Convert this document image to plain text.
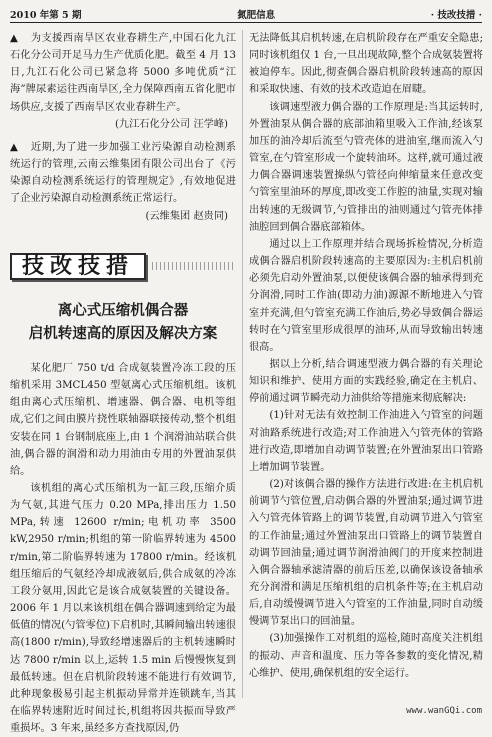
2010 年第 5 期	氮肥信息	· 技改技措 ·

▲ 为支援西南旱区农业春耕生产,中国石化九江石化分公司开足马力生产优质化肥。截至 4 月 13 日,九江石化公司已紧急将 5000 多吨优质“江海”牌尿素运往西南旱区,全力保障西南五省化肥市场供应,支援了西南旱区农业春耕生产。

(九江石化分公司 汪学峰)

▲ 近期,为了进一步加强工业污染源自动检测系统运行的管理,云南云维集团有限公司出台了《污染源自动检测系统运行的管理规定》,有效地促进了企业污染源自动检测系统正常运行。

(云维集团 赵贵同)

技改技措
离心式压缩机偶合器
启机转速高的原因及解决方案

某化肥厂 750 t/d 合成氨装置冷冻工段的压缩机采用 3MCL450 型氨离心式压缩机组。该机组由离心式压缩机、增速器、偶合器、电机等组成,它们之间由膜片挠性联轴器联接传动,整个机组安装在同 1 台钢制底座上,由 1 个润滑油站联合供油,偶合器的润滑和动力用油由专用的外置油泵供给。

该机组的离心式压缩机为一缸三段,压缩介质为气氨,其进气压力 0.20 MPa,排出压力 1.50 MPa,转速 12600 r/min;电机功率 3500 kW,2950 r/min;机组的第一阶临界转速为 4500 r/min,第二阶临界转速为 17800 r/min。经该机组压缩后的气氨经冷却成液氨后,供合成氨的冷冻工段分氨用,因此它是该合成氨装置的关键设备。2006 年 1 月以来该机组在偶合器调速到给定为最低值的情况(勺管零位)下启机时,其瞬间输出转速很高(1800 r/min),导致经增速器后的主机转速瞬时达 7800 r/min 以上,运转 1.5 min 后慢慢恢复到最低转速。但在启机阶段转速不能进行有效调节,此种现象极易引起主机振动异常并连锁跳车,当其在临界转速附近时间过长,机组将因共振而导致严重损坏。3 年来,虽经多方查找原因,仍

无法降低其启机转速,在启机阶段存在严重安全隐患;同时该机组仅 1 台,一旦出现故障,整个合成氨装置将被迫停车。因此,彻查偶合器启机阶段转速高的原因和采取快速、有效的技术改造迫在眉睫。

该调速型液力偶合器的工作原理是:当其运转时,外置油泵从偶合器的底部油箱里吸入工作油,经该泵加压的油冷却后流至勺管壳体的进油室,继而流入勺管室,在勺管室形成一个旋转油环。这样,就可通过液力偶合器调速装置操纵勺管径向伸缩量来任意改变勺管室里油环的厚度,即改变工作腔的油量,实现对输出转速的无级调节,勺管排出的油则通过勺管壳体排油腔回到偶合器底部箱体。

通过以上工作原理并结合现场拆检情况,分析造成偶合器启机阶段转速高的主要原因为:主机启机前必须先启动外置油泵,以便使该偶合器的轴承得到充分润滑,同时工作油(即动力油)源源不断地进入勺管室并充满,但勺管室充满工作油后,势必导致偶合器运转时在勺管室里形成很厚的油环,从而导致输出转速很高。

据以上分析,结合调速型液力偶合器的有关理论知识和维护、使用方面的实践经验,确定在主机启、停前通过调节瞬壳动力油供给等措施来彻底解决:

(1)针对无法有效控制工作油进入勺管室的问题对油路系统进行改造;对工作油进入勺管壳体的管路进行改造,即增加自动调节装置;在外置油泵出口管路上增加调节装置。

(2)对该偶合器的操作方法进行改进:在主机启机前调节勺管位置,启动偶合器的外置油泵;通过调节进入勺管壳体管路上的调节装置,自动调节进入勺管室的工作油量;通过外置油泵出口管路上的调节装置自动调节回油量;通过调节润滑油阀门的开度来控制进入偶合器轴承滤清器的前后压差,以确保该设备轴承充分润滑和满足压缩机组的启机条件等;在主机启动后,自动缓慢调节进入勺管室的工作油量,同时自动缓慢调节泵出口的回油量。

(3)加强操作工对机组的巡检,随时高度关注机组的振动、声音和温度、压力等各参数的变化情况,精心维护、使用,确保机组的安全运行。

www.wanGQi.com
